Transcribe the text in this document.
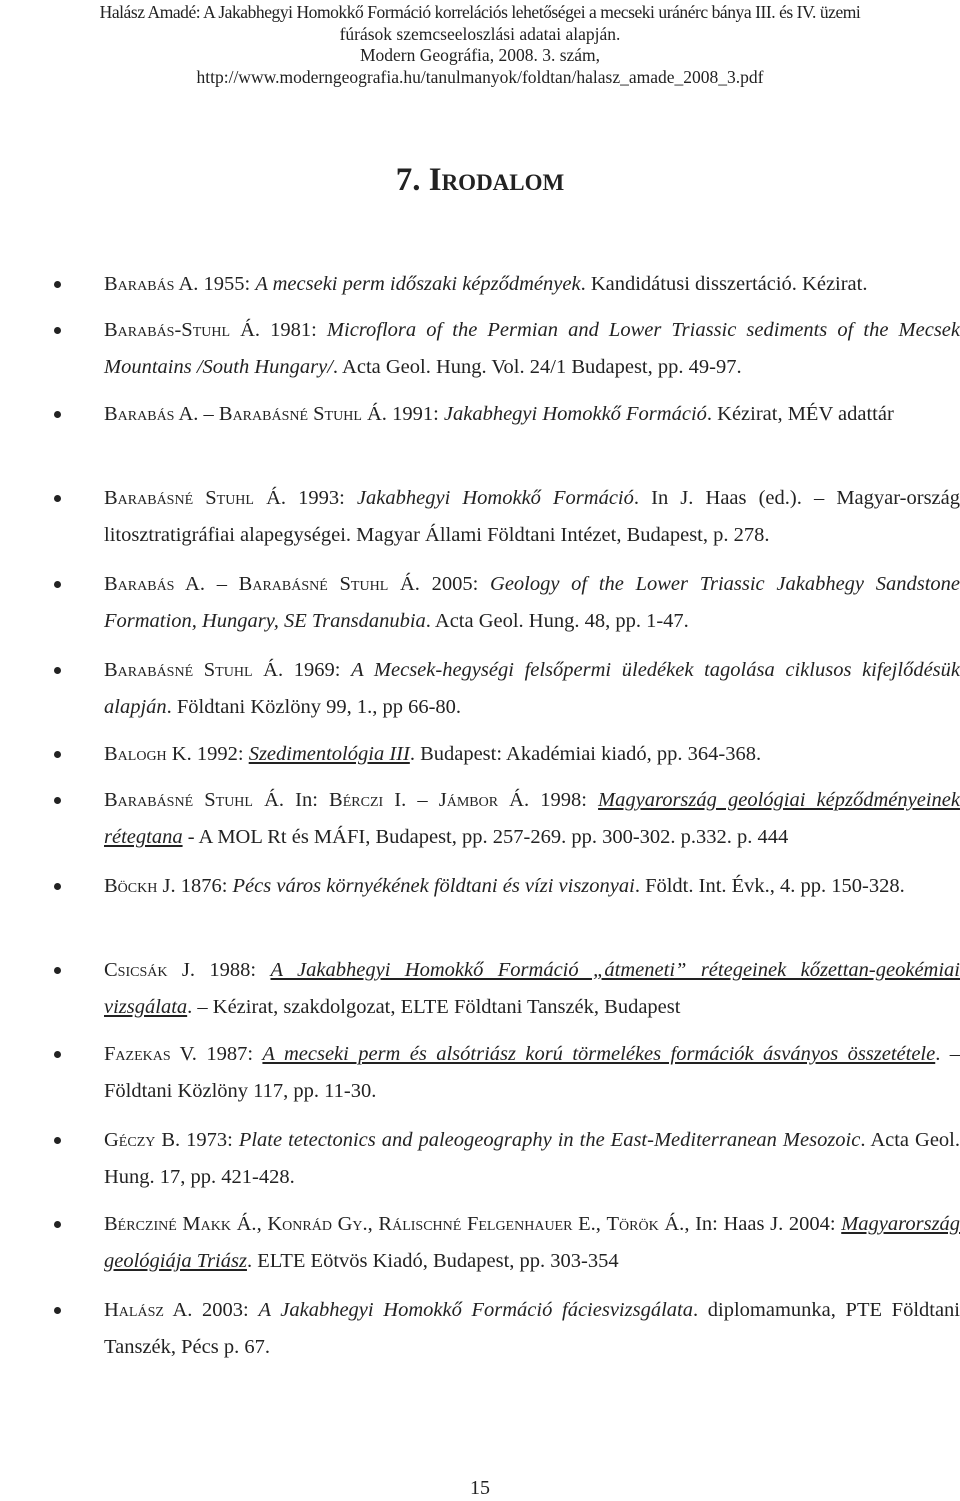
Halász Amadé: A Jakabhegyi Homokkő Formáció korrelációs lehetőségei a mecseki uránérc bánya III. és IV. üzemi
fúrások szemcseeloszlási adatai alapján.
Modern Geográfia, 2008. 3. szám,
http://www.moderngeografia.hu/tanulmanyok/foldtan/halasz_amade_2008_3.pdf
7. Irodalom
Barabás A. 1955: A mecseki perm időszaki képződmények. Kandidátusi disszertáció. Kézirat.
Barabás-Stuhl Á. 1981: Microflora of the Permian and Lower Triassic sediments of the Mecsek Mountains /South Hungary/. Acta Geol. Hung. Vol. 24/1 Budapest, pp. 49-97.
Barabás A. – Barabásné Stuhl Á. 1991: Jakabhegyi Homokkő Formáció. Kézirat, MÉV adattár
Barabásné Stuhl Á. 1993: Jakabhegyi Homokkő Formáció. In J. Haas (ed.). – Magyar-ország litosztratigráfiai alapegységei. Magyar Állami Földtani Intézet, Budapest, p. 278.
Barabás A. – Barabásné Stuhl Á. 2005: Geology of the Lower Triassic Jakabhegy Sandstone Formation, Hungary, SE Transdanubia. Acta Geol. Hung. 48, pp. 1-47.
Barabásné Stuhl Á. 1969: A Mecsek-hegységi felsőpermi üledékek tagolása ciklusos kifejlődésük alapján. Földtani Közlöny 99, 1., pp 66-80.
Balogh K. 1992: Szedimentológia III. Budapest: Akadémiai kiadó, pp. 364-368.
Barabásné Stuhl Á. In: Bérczi I. – Jámbor Á. 1998: Magyarország geológiai képződményeinek rétegtana - A MOL Rt és MÁFI, Budapest, pp. 257-269. pp. 300-302. p.332. p. 444
Böckh J. 1876: Pécs város környékének földtani és vízi viszonyai. Földt. Int. Évk., 4. pp. 150-328.
Csicsák J. 1988: A Jakabhegyi Homokkő Formáció „átmeneti” rétegeinek kőzettan-geokémiai vizsgálata. – Kézirat, szakdolgozat, ELTE Földtani Tanszék, Budapest
Fazekas V. 1987: A mecseki perm és alsótriász korú törmelékes formációk ásványos összetétele. – Földtani Közlöny 117, pp. 11-30.
Géczy B. 1973: Plate tetectonics and paleogeography in the East-Mediterranean Mesozoic. Acta Geol. Hung. 17, pp. 421-428.
Bércziné Makk Á., Konrád Gy., Rálischné Felgenhauer E., Török Á., In: Haas J. 2004: Magyarország geológiája Triász. ELTE Eötvös Kiadó, Budapest, pp. 303-354
Halász A. 2003: A Jakabhegyi Homokkő Formáció fáciesvizsgálata. diplomamunka, PTE Földtani Tanszék, Pécs p. 67.
15
